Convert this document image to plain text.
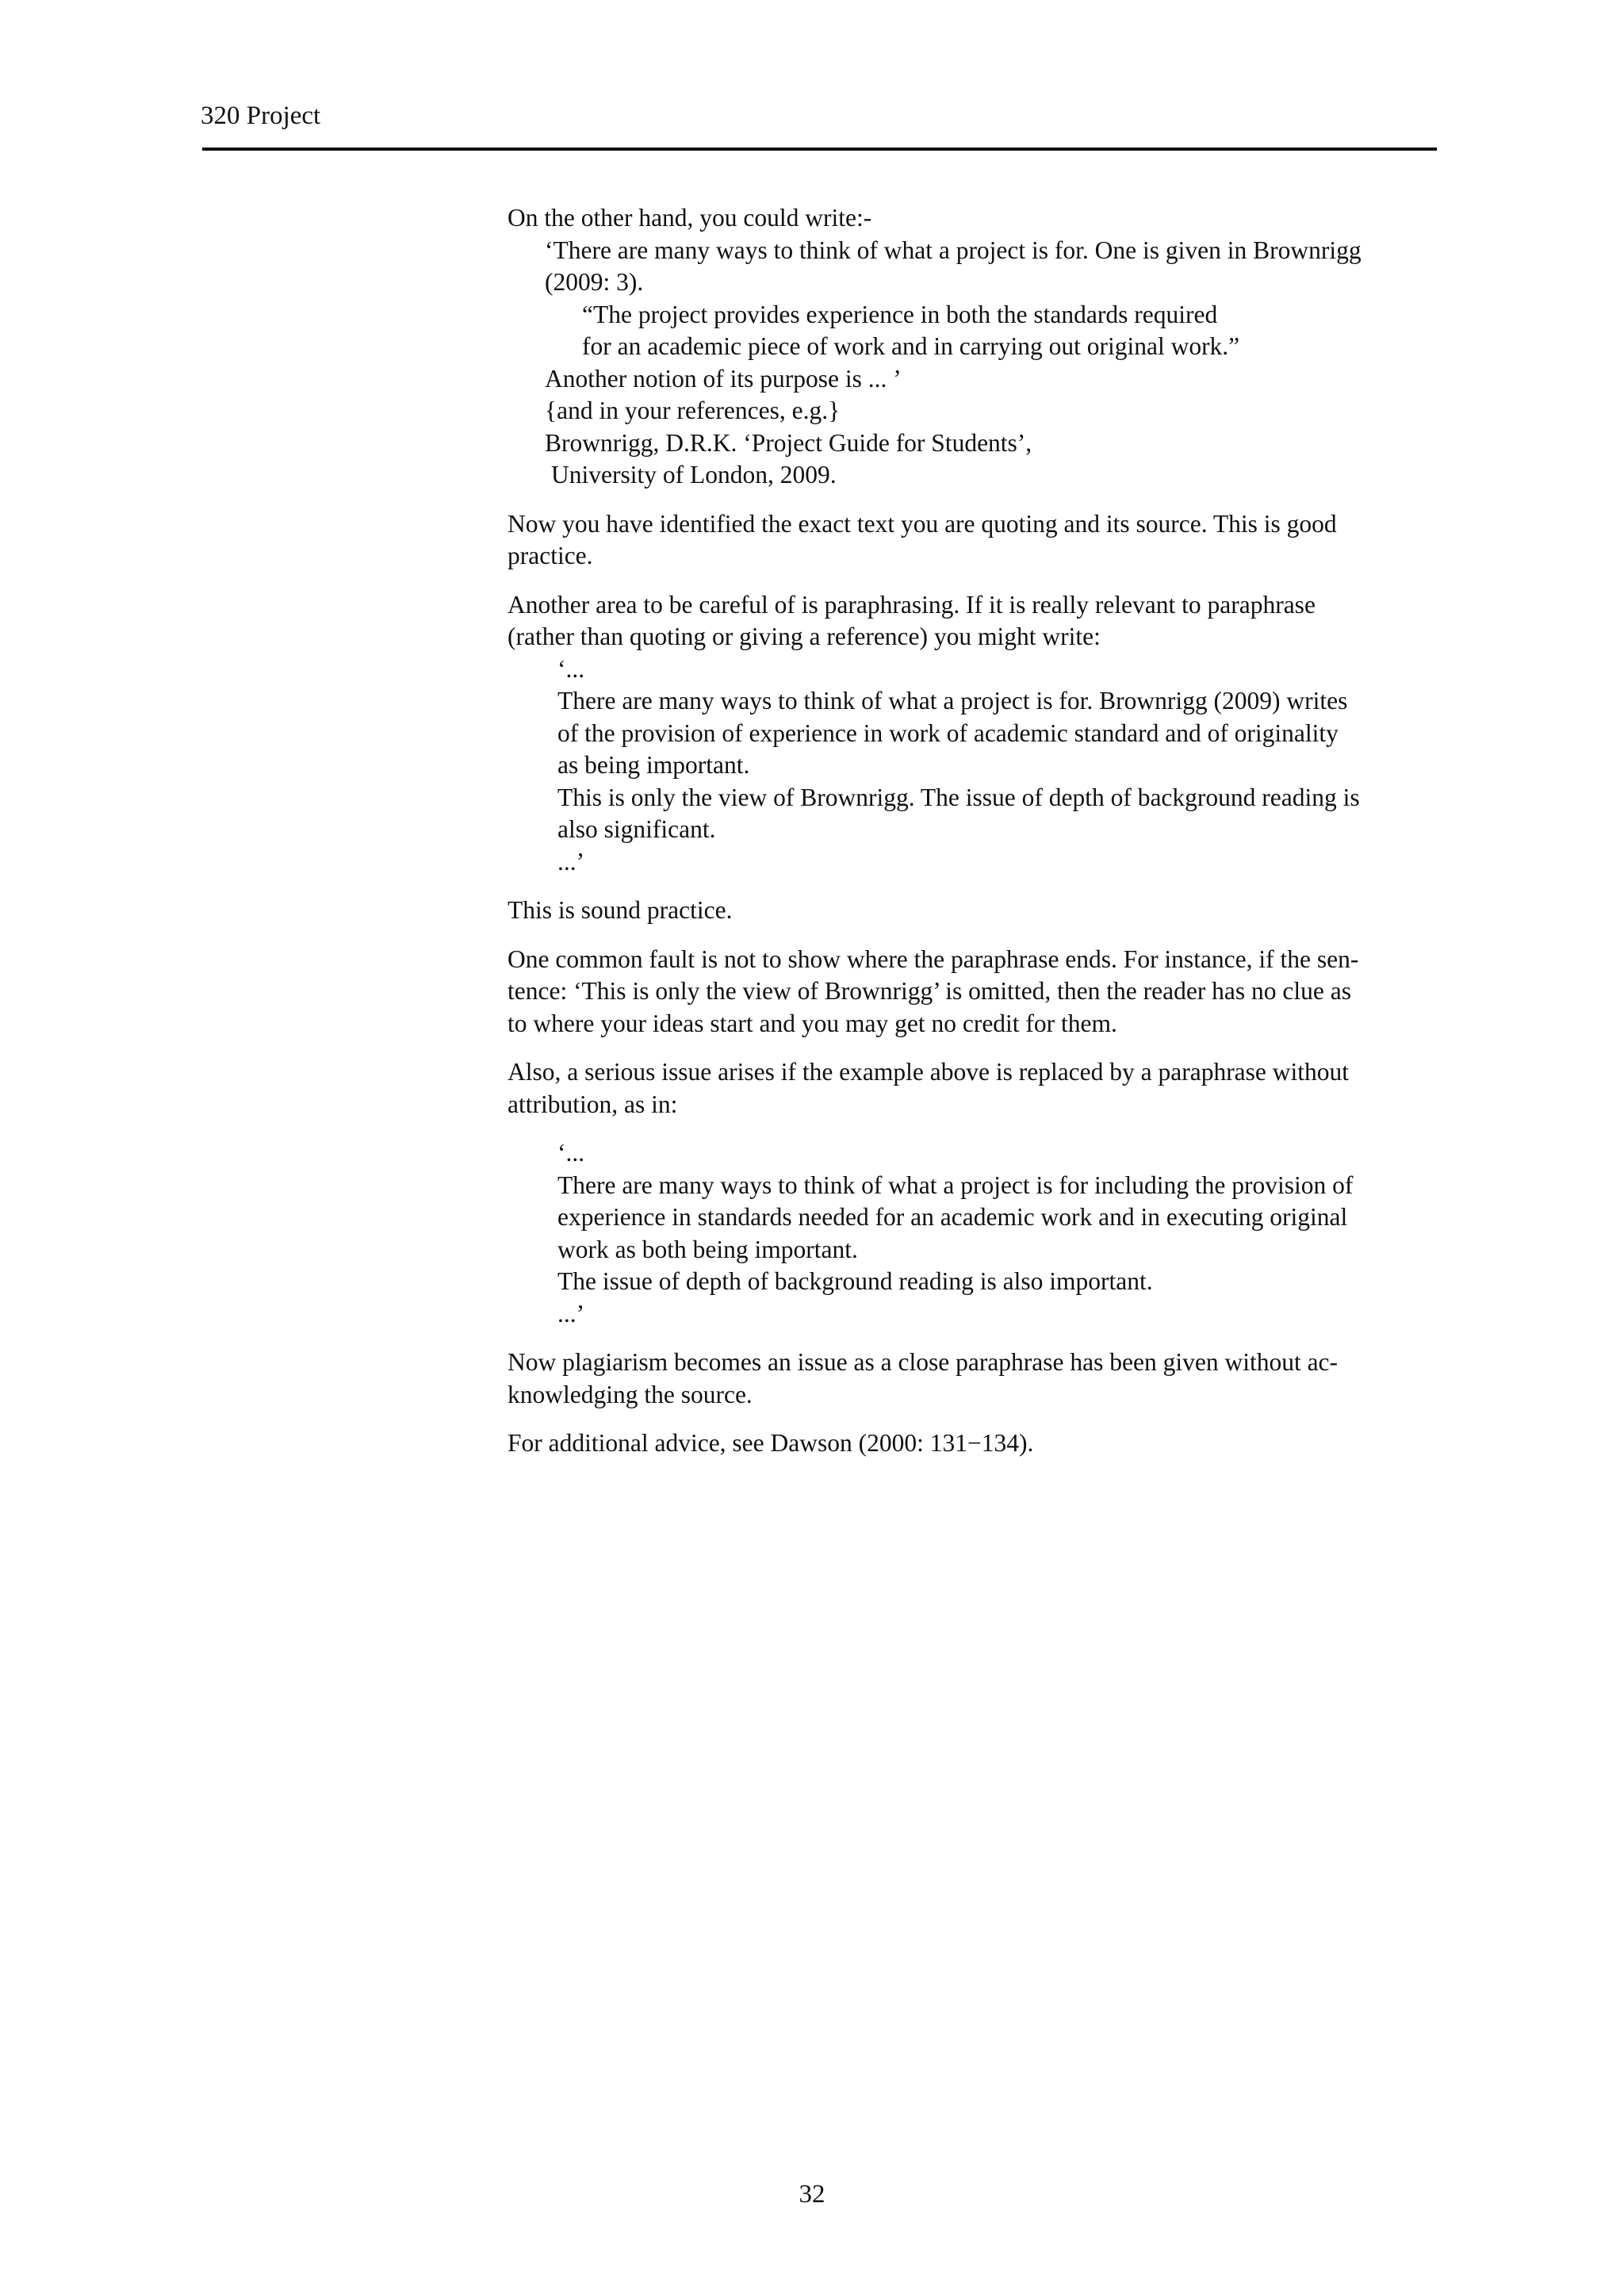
320 Project
On the other hand, you could write:-
‘There are many ways to think of what a project is for. One is given in Brownrigg
(2009: 3).
“The project provides experience in both the standards required
for an academic piece of work and in carrying out original work.”
Another notion of its purpose is ... ’
{and in your references, e.g.}
Brownrigg, D.R.K. ‘Project Guide for Students’,
University of London, 2009.
Now you have identified the exact text you are quoting and its source. This is good
practice.
Another area to be careful of is paraphrasing. If it is really relevant to paraphrase
(rather than quoting or giving a reference) you might write:
‘...
There are many ways to think of what a project is for. Brownrigg (2009) writes
of the provision of experience in work of academic standard and of originality
as being important.
This is only the view of Brownrigg. The issue of depth of background reading is
also significant.
...’
This is sound practice.
One common fault is not to show where the paraphrase ends. For instance, if the sen-
tence: ‘This is only the view of Brownrigg’ is omitted, then the reader has no clue as
to where your ideas start and you may get no credit for them.
Also, a serious issue arises if the example above is replaced by a paraphrase without
attribution, as in:
‘...
There are many ways to think of what a project is for including the provision of
experience in standards needed for an academic work and in executing original
work as both being important.
The issue of depth of background reading is also important.
...’
Now plagiarism becomes an issue as a close paraphrase has been given without ac-
knowledging the source.
For additional advice, see Dawson (2000: 131−134).
32
